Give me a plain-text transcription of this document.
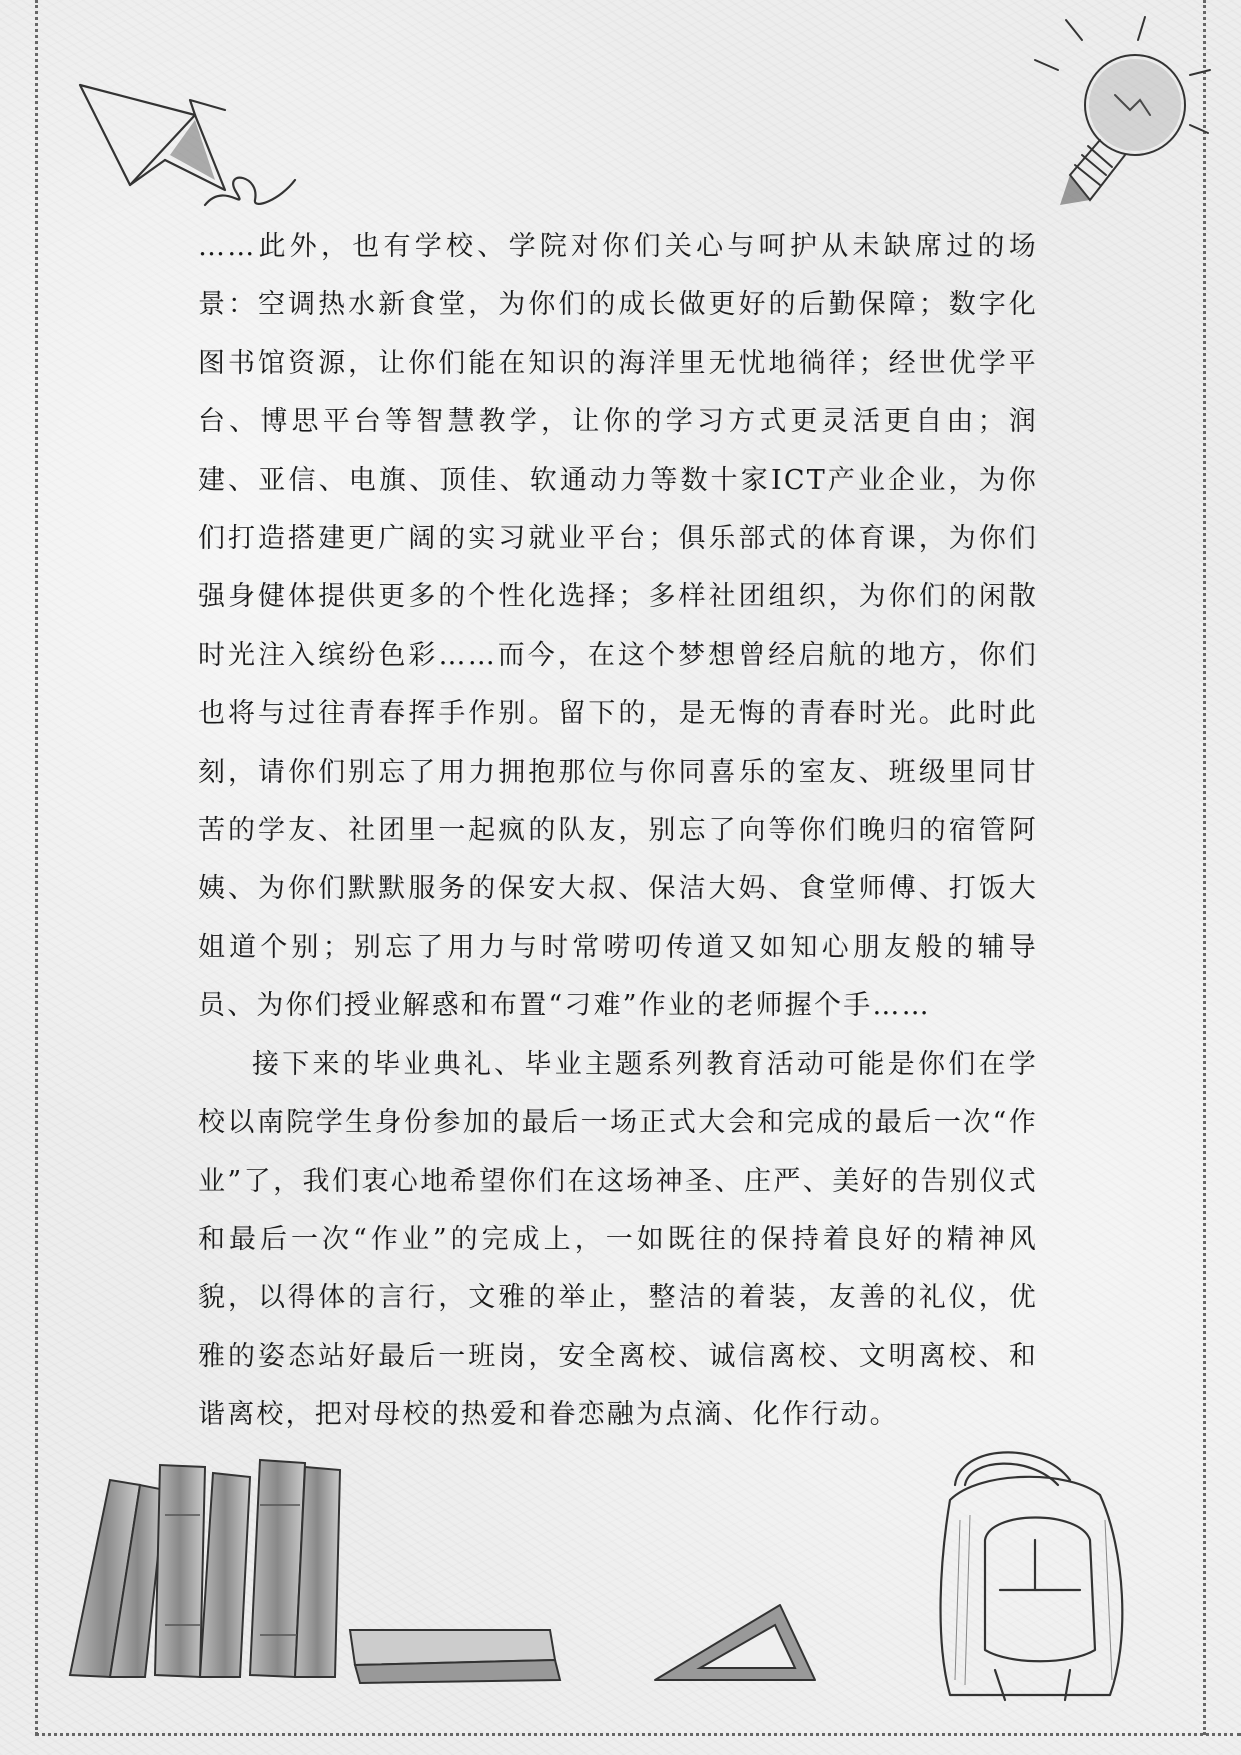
……此外，也有学校、学院对你们关心与呵护从未缺席过的场景：空调热水新食堂，为你们的成长做更好的后勤保障；数字化图书馆资源，让你们能在知识的海洋里无忧地徜徉；经世优学平台、博思平台等智慧教学，让你的学习方式更灵活更自由；润建、亚信、电旗、顶佳、软通动力等数十家ICT产业企业，为你们打造搭建更广阔的实习就业平台；俱乐部式的体育课，为你们强身健体提供更多的个性化选择；多样社团组织，为你们的闲散时光注入缤纷色彩……而今，在这个梦想曾经启航的地方，你们也将与过往青春挥手作别。留下的，是无悔的青春时光。此时此刻，请你们别忘了用力拥抱那位与你同喜乐的室友、班级里同甘苦的学友、社团里一起疯的队友，别忘了向等你们晚归的宿管阿姨、为你们默默服务的保安大叔、保洁大妈、食堂师傅、打饭大姐道个别；别忘了用力与时常唠叨传道又如知心朋友般的辅导员、为你们授业解惑和布置“刁难”作业的老师握个手……

接下来的毕业典礼、毕业主题系列教育活动可能是你们在学校以南院学生身份参加的最后一场正式大会和完成的最后一次“作业”了，我们衷心地希望你们在这场神圣、庄严、美好的告别仪式和最后一次“作业”的完成上，一如既往的保持着良好的精神风貌，以得体的言行，文雅的举止，整洁的着装，友善的礼仪，优雅的姿态站好最后一班岗，安全离校、诚信离校、文明离校、和谐离校，把对母校的热爱和眷恋融为点滴、化作行动。
